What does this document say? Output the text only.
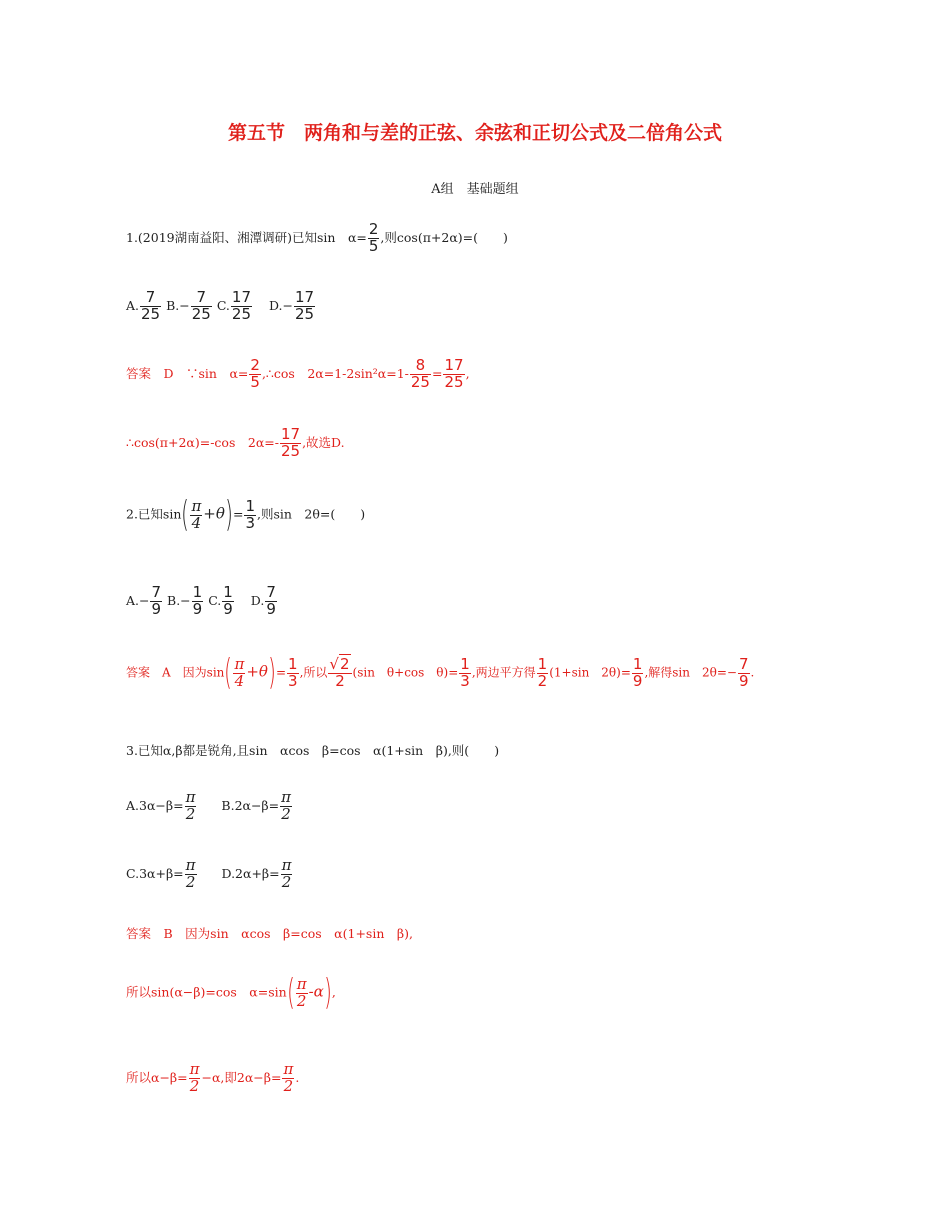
第五节　两角和与差的正弦、余弦和正切公式及二倍角公式
A组　基础题组
1.(2019湖南益阳、湘潭调研)已知sin　$\alpha= \frac{2}{5}$ ,则cos(π+2α)=(　　)
A. $\frac{7}{25} B.- \frac{7}{25} C$. $\frac{17}{25} D.- \frac{17}{25}$
答案　D　∵sin　$\alpha= \frac{2}{5}$ ,∴cos　$2\alpha=1-2\sin^2\alpha=1- \frac{8}{25} = \frac{17}{25}$ ,
∴cos(π+2α)=-cos　$2\alpha=- \frac{17}{25}$ ,故选D.
2.已知$\sin( \frac{\pi}{4} +\theta)= \frac{1}{3}$ ,则sin　2θ=(　　)
$A.- \frac{7}{9} B.- \frac{1}{9} C$. $\frac{1}{9} D$. $\frac{7}{9}$
答案　A　因为$\sin( \frac{\pi}{4} +\theta)= \frac{1}{3}$ ,所以 $\frac{√2}{2} (\sin$　θ+cos　$\theta)= \frac{1}{3}$ ,两边平方得 $\frac{1}{2} (1+\sin$　$2\theta)= \frac{1}{9}$ ,解得sin　$2\theta=- \frac{7}{9}$ .
3.已知α,β都是锐角,且sin　αcos　β=cos　α(1+sin　β),则(　　)
$A.3\alpha-\beta= \frac{\pi}{2} B.2\alpha-\beta= \frac{\pi}{2}$
$C.3\alpha+\beta= \frac{\pi}{2} D.2\alpha+\beta= \frac{\pi}{2}$
答案　B　因为sin　αcos　β=cos　α(1+sin　β),
所以sin(α−β)=cos　$\alpha=\sin( \frac{\pi}{2} -\alpha)$,
所以$\alpha-\beta= \frac{\pi}{2} -\alpha$,即$2\alpha-\beta= \frac{\pi}{2}$ .
